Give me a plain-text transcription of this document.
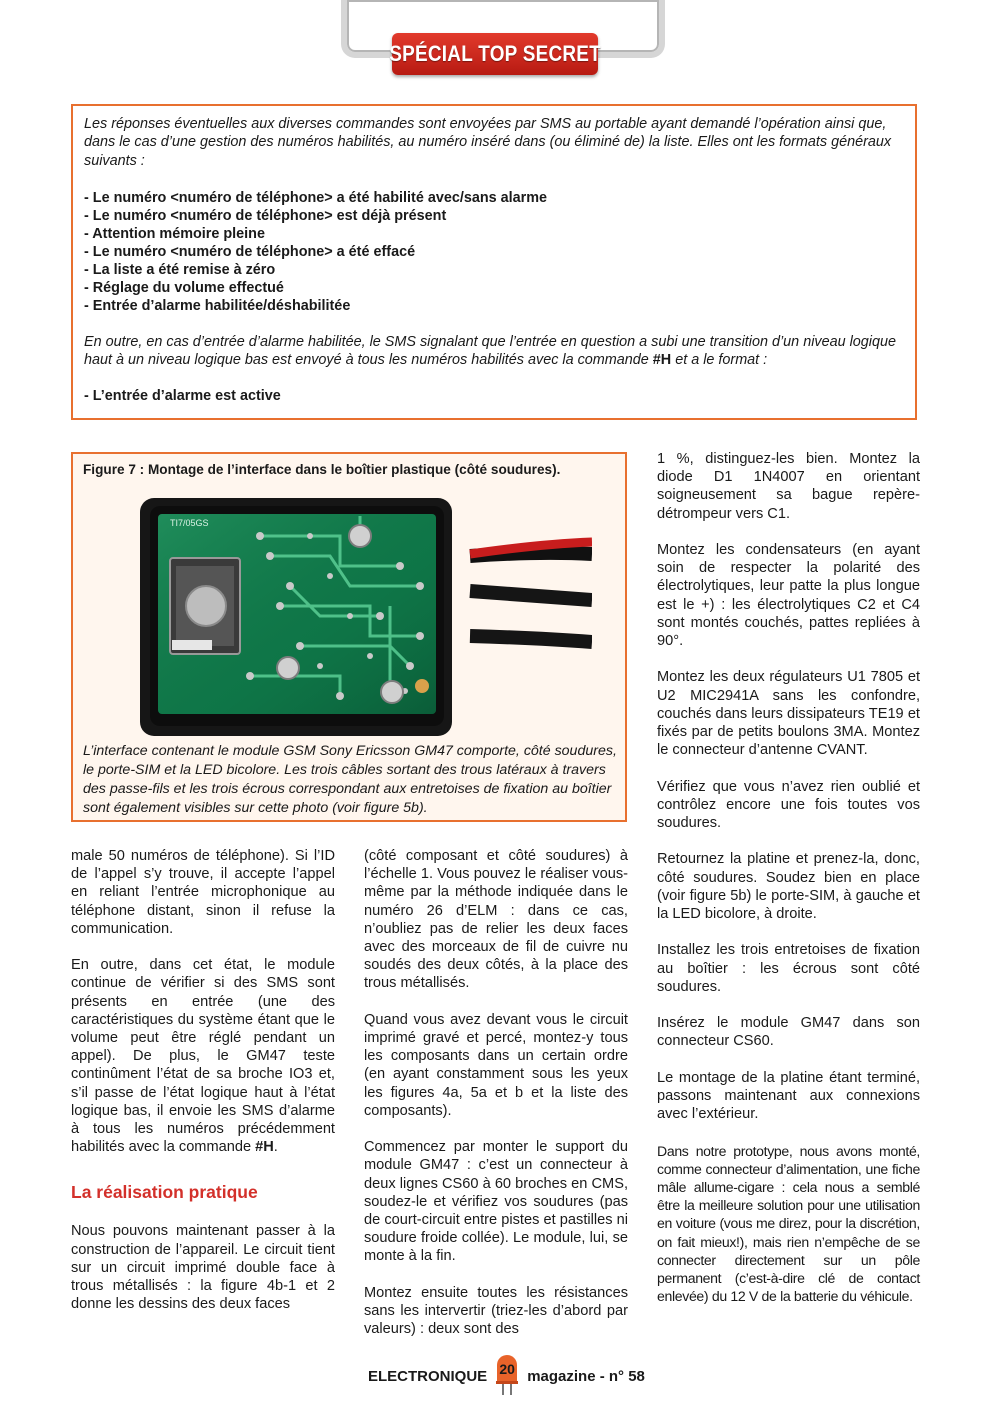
SPÉCIAL TOP SECRET

Les réponses éventuelles aux diverses commandes sont envoyées par SMS au portable ayant demandé l’opération ainsi que, dans le cas d’une gestion des numéros habilités, au numéro inséré dans (ou éliminé de) la liste. Elles ont les formats généraux suivants :

- Le numéro <numéro de téléphone> a été habilité avec/sans alarme
- Le numéro <numéro de téléphone> est déjà présent
- Attention mémoire pleine
- Le numéro <numéro de téléphone> a été effacé
- La liste a été remise à zéro
- Réglage du volume effectué
- Entrée d’alarme habilitée/déshabilitée

En outre, en cas d’entrée d’alarme habilitée, le SMS signalant que l’entrée en question a subi une transition d’un niveau logique haut à un niveau logique bas est envoyé à tous les numéros habilités avec la commande #H et a le format :

- L’entrée d’alarme est active

Figure 7 : Montage de l’interface dans le boîtier plastique (côté soudures).
TI7/05GS
L’interface contenant le module GSM Sony Ericsson GM47 comporte, côté soudures, le porte-SIM et la LED bicolore. Les trois câbles sortant des trous latéraux à travers des passe-fils et les trois écrous correspondant aux entretoises de fixation au boîtier sont également visibles sur cette photo (voir figure 5b).

male 50 numéros de téléphone). Si l’ID de l’appel s’y trouve, il accepte l’appel en reliant l’entrée microphonique au téléphone distant, sinon il refuse la communication.

En outre, dans cet état, le module continue de vérifier si des SMS sont présents en entrée (une des caractéristiques du système étant que le volume peut être réglé pendant un appel). De plus, le GM47 teste continûment l’état de sa broche IO3 et, s’il passe de l’état logique haut à l’état logique bas, il envoie les SMS d’alarme à tous les numéros précédemment habilités avec la commande #H.

La réalisation pratique

Nous pouvons maintenant passer à la construction de l’appareil. Le circuit tient sur un circuit imprimé double face à trous métallisés : la figure 4b-1 et 2 donne les dessins des deux faces

(côté composant et côté soudures) à l’échelle 1. Vous pouvez le réaliser vous-même par la méthode indiquée dans le numéro 26 d’ELM : dans ce cas, n’oubliez pas de relier les deux faces avec des morceaux de fil de cuivre nu soudés des deux côtés, à la place des trous métallisés.

Quand vous avez devant vous le circuit imprimé gravé et percé, montez-y tous les composants dans un certain ordre (en ayant constamment sous les yeux les figures 4a, 5a et b et la liste des composants).

Commencez par monter le support du module GM47 : c’est un connecteur à deux lignes CS60 à 60 broches en CMS, soudez-le et vérifiez vos soudures (pas de court-circuit entre pistes et pastilles ni soudure froide collée). Le module, lui, se monte à la fin.

Montez ensuite toutes les résistances sans les intervertir (triez-les d’abord par valeurs) : deux sont des

1 %, distinguez-les bien. Montez la diode D1 1N4007 en orientant soigneusement sa bague repère-détrompeur vers C1.

Montez les condensateurs (en ayant soin de respecter la polarité des électrolytiques, leur patte la plus longue est le +) : les électrolytiques C2 et C4 sont montés couchés, pattes repliées à 90°.

Montez les deux régulateurs U1 7805 et U2 MIC2941A sans les confondre, couchés dans leurs dissipateurs TE19 et fixés par de petits boulons 3MA. Montez le connecteur d’antenne CVANT.

Vérifiez que vous n’avez rien oublié et contrôlez encore une fois toutes vos soudures.

Retournez la platine et prenez-la, donc, côté soudures. Soudez bien en place (voir figure 5b) le porte-SIM, à gauche et la LED bicolore, à droite.

Installez les trois entretoises de fixation au boîtier : les écrous sont côté soudures.

Insérez le module GM47 dans son connecteur CS60.

Le montage de la platine étant terminé, passons maintenant aux connexions avec l’extérieur.

Dans notre prototype, nous avons monté, comme connecteur d’alimentation, une fiche mâle allume-cigare : cela nous a semblé être la meilleure solution pour une utilisation en voiture (vous me direz, pour la discrétion, on fait mieux!), mais rien n’empêche de se connecter directement sur un pôle permanent (c’est-à-dire clé de contact enlevée) du 12 V de la batterie du véhicule.

ELECTRONIQUE 20 magazine - n° 58
